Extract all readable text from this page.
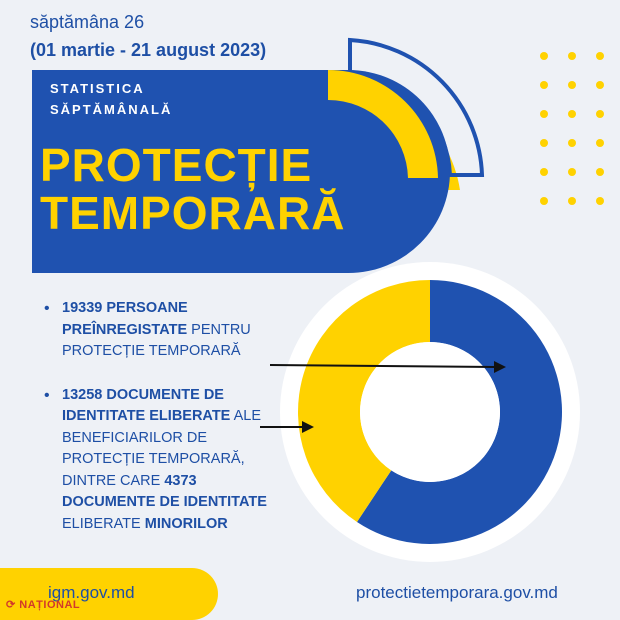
săptămâna 26
(01 martie - 21 august 2023)
STATISTICA
SĂPTĂMÂNALĂ
PROTECȚIE
TEMPORARĂ
• 19339 PERSOANE PREÎNREGISTATE PENTRU PROTECȚIE TEMPORARĂ
• 13258 DOCUMENTE DE IDENTITATE ELIBERATE ALE BENEFICIARILOR DE PROTECȚIE TEMPORARĂ, DINTRE CARE 4373 DOCUMENTE DE IDENTITATE ELIBERATE MINORILOR
igm.gov.md	protectietemporara.gov.md
⟳ NAȚIONAL
